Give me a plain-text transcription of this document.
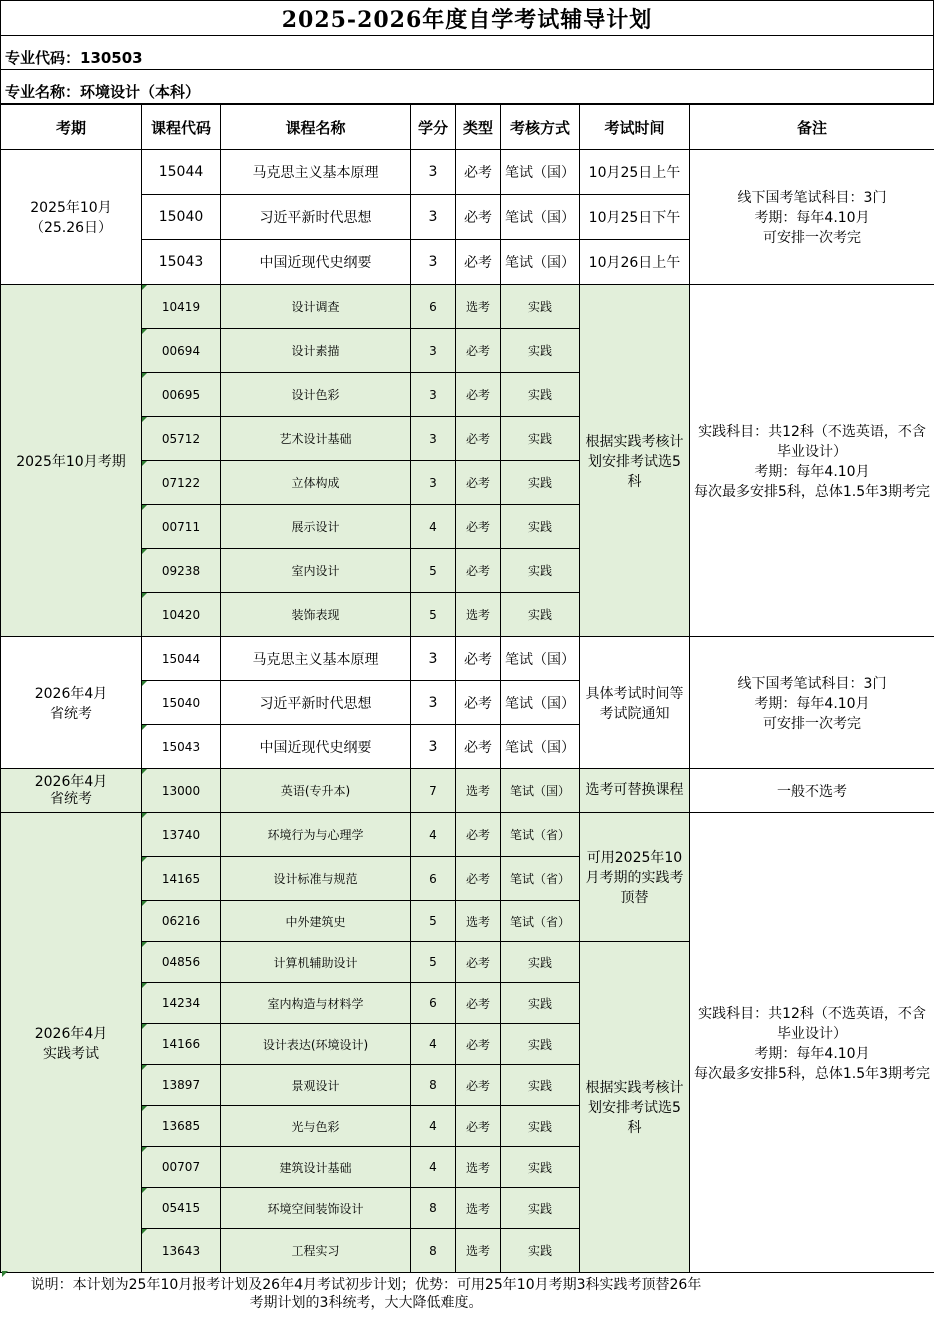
2025-2026年度自学考试辅导计划
专业代码：130503
专业名称：环境设计（本科）
考期	课程代码	课程名称	学分	类型	考核方式	考试时间	备注
2025年10月
（25.26日）	15044	马克思主义基本原理	3	必考	笔试（国）	10月25日上午	线下国考笔试科目：3门
考期：每年4.10月
可安排一次考完
	15040	习近平新时代思想	3	必考	笔试（国）	10月25日下午	
	15043	中国近现代史纲要	3	必考	笔试（国）	10月26日上午	
2025年10月考期	10419	设计调查	6	选考	实践	根据实践考核计划安排考试选5科	实践科目：共12科（不选英语，不含毕业设计）
考期：每年4.10月
每次最多安排5科，总体1.5年3期考完
	00694	设计素描	3	必考	实践		
	00695	设计色彩	3	必考	实践		
	05712	艺术设计基础	3	必考	实践		
	07122	立体构成	3	必考	实践		
	00711	展示设计	4	必考	实践		
	09238	室内设计	5	必考	实践		
	10420	装饰表现	5	选考	实践		
2026年4月
省统考	15044	马克思主义基本原理	3	必考	笔试（国）	具体考试时间等考试院通知	线下国考笔试科目：3门
考期：每年4.10月
可安排一次考完
	15040	习近平新时代思想	3	必考	笔试（国）		
	15043	中国近现代史纲要	3	必考	笔试（国）		
2026年4月
省统考	13000	英语(专升本)	7	选考	笔试（国）	选考可替换课程	一般不选考
2026年4月
实践考试	13740	环境行为与心理学	4	必考	笔试（省）	可用2025年10月考期的实践考顶替	实践科目：共12科（不选英语，不含毕业设计）
考期：每年4.10月
每次最多安排5科，总体1.5年3期考完
	14165	设计标准与规范	6	必考	笔试（省）		
	06216	中外建筑史	5	选考	笔试（省）		
	04856	计算机辅助设计	5	必考	实践	根据实践考核计划安排考试选5科	
	14234	室内构造与材料学	6	必考	实践		
	14166	设计表达(环境设计)	4	必考	实践		
	13897	景观设计	8	必考	实践		
	13685	光与色彩	4	必考	实践		
	00707	建筑设计基础	4	选考	实践		
	05415	环境空间装饰设计	8	选考	实践		
	13643	工程实习	8	选考	实践		
说明：本计划为25年10月报考计划及26年4月考试初步计划；优势：可用25年10月考期3科实践考顶替26年考期计划的3科统考，大大降低难度。
